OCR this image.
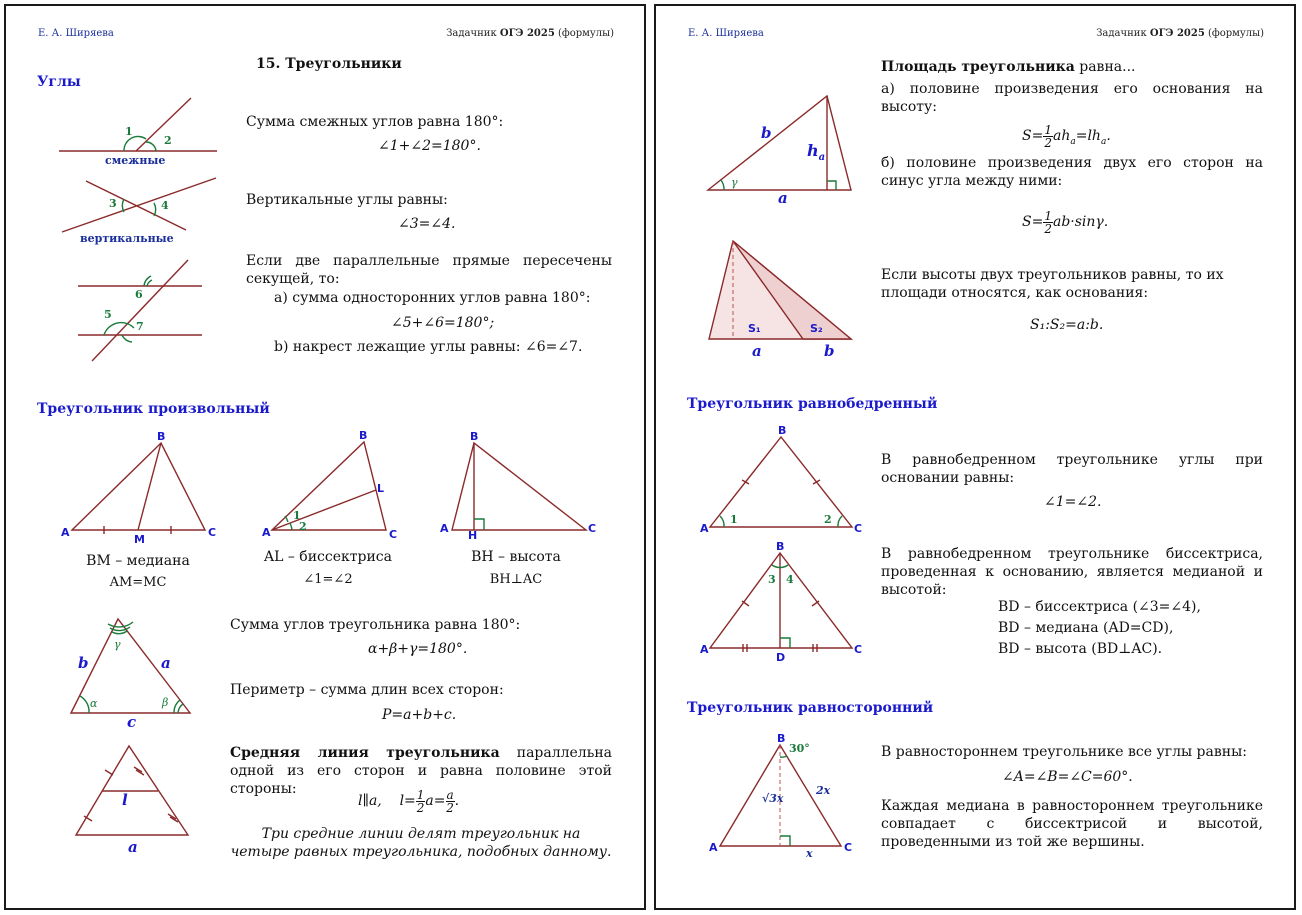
Е. А. Ширяева	Задачник ОГЭ 2025 (формулы)
15. Треугольники
Углы
1
2
смежные
3	4
вертикальные
6
5
7
Сумма смежных углов равна 180°:
∠1+∠2=180°.
Вертикальные углы равны:
∠3=∠4.
Если две параллельные прямые пересечены секущей, то:
а) сумма односторонних углов равна 180°:
∠5+∠6=180°;
b) накрест лежащие углы равны: ∠6=∠7.
Треугольник произвольный
A
B
C
M
A
B
C
L
1
2	A
B
C
H
BM – медиана
AM=MC
AL – биссектриса
∠1=∠2
BH – высота
BH⊥AC
b	a
c
γ
α	β
l
a
Сумма углов треугольника равна 180°:
α+β+γ=180°.
Периметр – сумма длин всех сторон:
P=a+b+c.
Средняя линия треугольника параллельна одной из его сторон и равна половине этой стороны:
l∥a, $l= \frac{1}{2} a= \frac{a}{2}$ .
Три средние линии делят треугольник на четыре равных треугольника, подобных данному.
Е. А. Ширяева	Задачник ОГЭ 2025 (формулы)
b
$h_a$
γ
a
S₁	S₂
a	b
Площадь треугольника равна...
а) половине произведения его основания на высоту:
$S= \frac{1}{2} ah_a=lh_a$.
б) половине произведения двух его сторон на синус угла между ними:
$S= \frac{1}{2} ab\cdot\sin\gamma$.
Если высоты двух треугольников равны, то их площади относятся, как основания:
S₁:S₂=a:b.
Треугольник равнобедренный
B
A	C
1	2
B
A	C
D
3 4
В равнобедренном треугольнике углы при основании равны:
∠1=∠2.
В равнобедренном треугольнике биссектриса, проведенная к основанию, является медианой и высотой:
BD – биссектриса (∠3=∠4),
BD – медиана (AD=CD),
BD – высота (BD⊥AC).
Треугольник равносторонний
B
A	C
30°
2x
√3x
x
В равностороннем треугольнике все углы равны:
∠A=∠B=∠C=60°.
Каждая медиана в равностороннем треугольнике совпадает с биссектрисой и высотой, проведенными из той же вершины.
